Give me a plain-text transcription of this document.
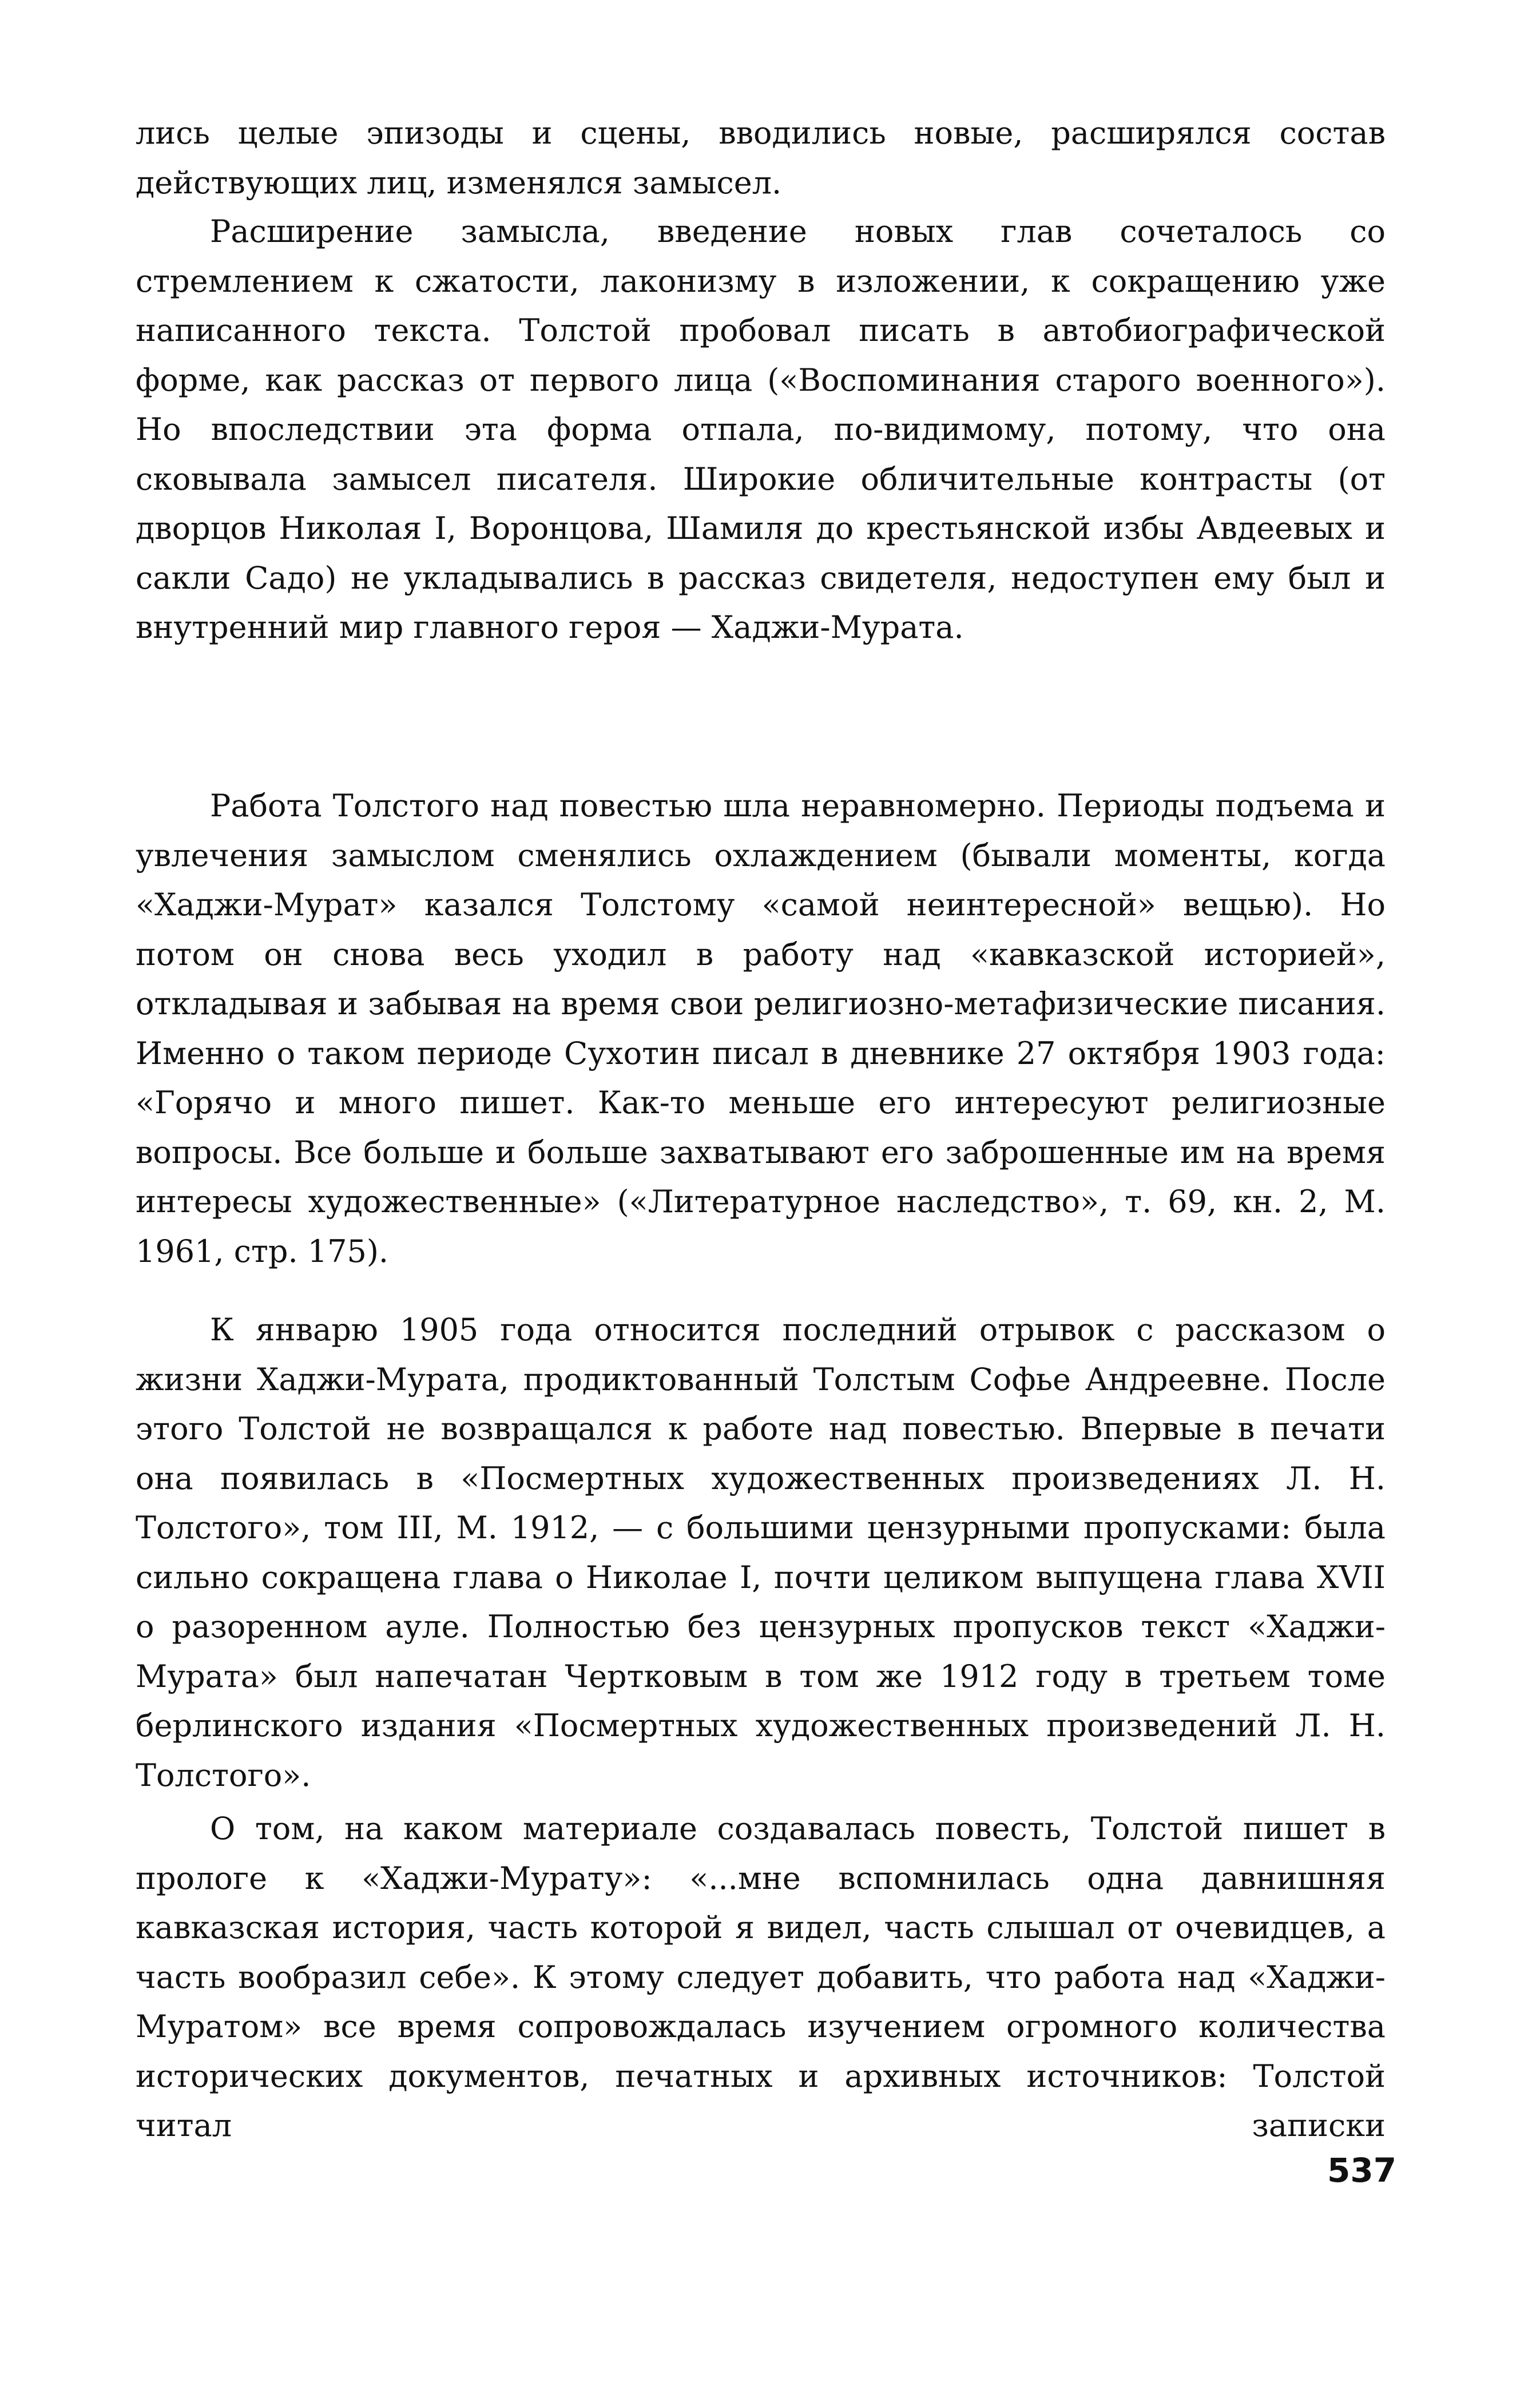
лись целые эпизоды и сцены, вводились новые, расширялся состав действующих лиц, изменялся замысел.

Расширение замысла, введение новых глав сочеталось со стремлением к сжатости, лаконизму в изложении, к сокращению уже написанного текста. Толстой пробовал писать в автобиографической форме, как рассказ от первого лица («Воспоминания старого военного»). Но впоследствии эта форма отпала, по-видимому, потому, что она сковывала замысел писателя. Широкие обличительные контрасты (от дворцов Николая I, Воронцова, Шамиля до крестьянской избы Авдеевых и сакли Садо) не укладывались в рассказ свидетеля, недоступен ему был и внутренний мир главного героя — Хаджи-Мурата.

Работа Толстого над повестью шла неравномерно. Периоды подъема и увлечения замыслом сменялись охлаждением (бывали моменты, когда «Хаджи-Мурат» казался Толстому «самой неинтересной» вещью). Но потом он снова весь уходил в работу над «кавказской историей», откладывая и забывая на время свои религиозно-метафизические писания. Именно о таком периоде Сухотин писал в дневнике 27 октября 1903 года: «Горячо и много пишет. Как-то меньше его интересуют религиозные вопросы. Все больше и больше захватывают его заброшенные им на время интересы художественные» («Литературное наследство», т. 69, кн. 2, М. 1961, стр. 175).

К январю 1905 года относится последний отрывок с рассказом о жизни Хаджи-Мурата, продиктованный Толстым Софье Андреевне. После этого Толстой не возвращался к работе над повестью. Впервые в печати она появилась в «Посмертных художественных произведениях Л. Н. Толстого», том III, М. 1912, — с большими цензурными пропусками: была сильно сокращена глава о Николае I, почти целиком выпущена глава XVII о разоренном ауле. Полностью без цензурных пропусков текст «Хаджи-Мурата» был напечатан Чертковым в том же 1912 году в третьем томе берлинского издания «Посмертных художественных произведений Л. Н. Толстого».

О том, на каком материале создавалась повесть, Толстой пишет в прологе к «Хаджи-Мурату»: «...мне вспомнилась одна давнишняя кавказская история, часть которой я видел, часть слышал от очевидцев, а часть вообразил себе». К этому следует добавить, что работа над «Хаджи-Муратом» все время сопровождалась изучением огромного количества исторических документов, печатных и архивных источников: Толстой читал записки

537
